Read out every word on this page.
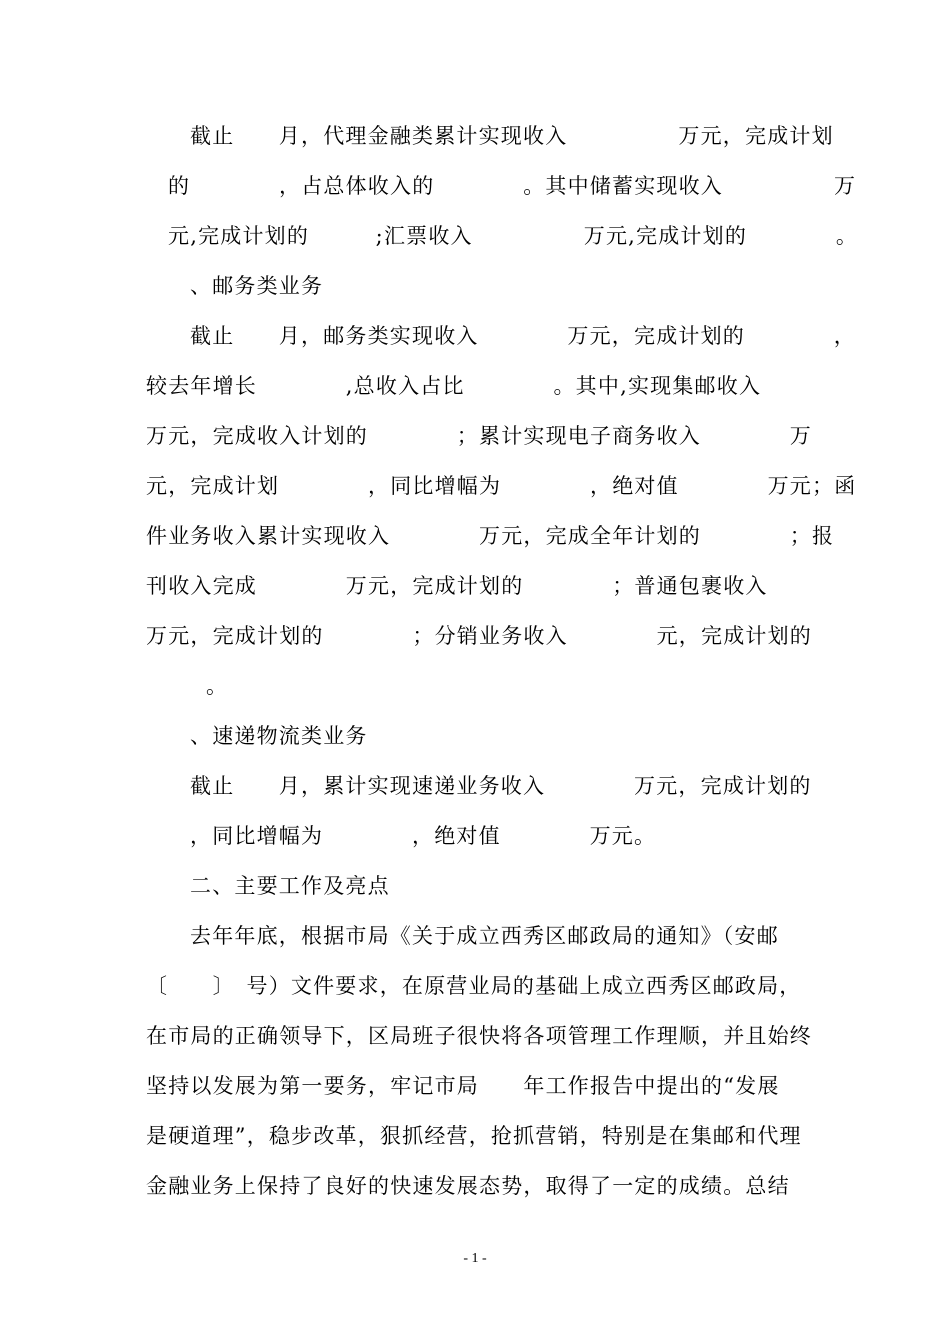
截止　　月，代理金融类累计实现收入　　　　　万元，完成计划

的　　　　，占总体收入的　　　　。其中储蓄实现收入　　　　　万

元,完成计划的　　　;汇票收入　　　　　万元,完成计划的　　　　。

、邮务类业务

截止　　月，邮务类实现收入　　　　万元，完成计划的　　　　，

较去年增长　　　　,总收入占比　　　　。其中,实现集邮收入

万元，完成收入计划的　　　　；累计实现电子商务收入　　　　万

元，完成计划　　　　，同比增幅为　　　　，绝对值　　　　万元；函

件业务收入累计实现收入　　　　万元，完成全年计划的　　　　；报

刊收入完成　　　　万元，完成计划的　　　　；普通包裹收入

万元，完成计划的　　　　；分销业务收入　　　　元，完成计划的

。

、速递物流类业务

截止　　月，累计实现速递业务收入　　　　万元，完成计划的

，同比增幅为　　　　，绝对值　　　　万元。

二、主要工作及亮点

去年年底，根据市局《关于成立西秀区邮政局的通知》（安邮

〔　　〕　号）文件要求，在原营业局的基础上成立西秀区邮政局，

在市局的正确领导下，区局班子很快将各项管理工作理顺，并且始终

坚持以发展为第一要务，牢记市局　　年工作报告中提出的“发展

是硬道理”，稳步改革，狠抓经营，抢抓营销，特别是在集邮和代理

金融业务上保持了良好的快速发展态势，取得了一定的成绩。总结

- 1 -
